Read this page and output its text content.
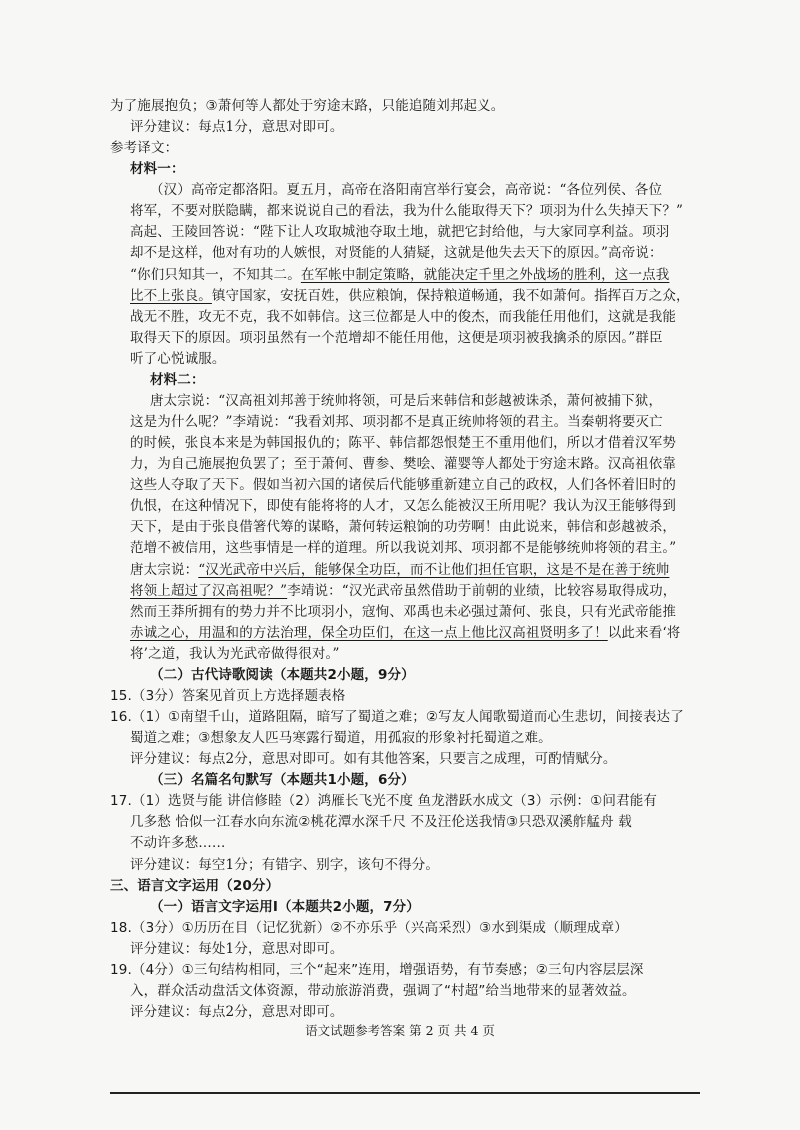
为了施展抱负；③萧何等人都处于穷途末路，只能追随刘邦起义。
评分建议：每点1分，意思对即可。
参考译文：
材料一：
（汉）高帝定都洛阳。夏五月，高帝在洛阳南宫举行宴会，高帝说：“各位列侯、各位
将军，不要对朕隐瞒，都来说说自己的看法，我为什么能取得天下？项羽为什么失掉天下？”
高起、王陵回答说：“陛下让人攻取城池夺取土地，就把它封给他，与大家同享利益。项羽
却不是这样，他对有功的人嫉恨，对贤能的人猜疑，这就是他失去天下的原因。”高帝说：
“你们只知其一，不知其二。在军帐中制定策略，就能决定千里之外战场的胜利，这一点我
比不上张良。镇守国家，安抚百姓，供应粮饷，保持粮道畅通，我不如萧何。指挥百万之众，
战无不胜，攻无不克，我不如韩信。这三位都是人中的俊杰，而我能任用他们，这就是我能
取得天下的原因。项羽虽然有一个范增却不能任用他，这便是项羽被我擒杀的原因。”群臣
听了心悦诚服。
材料二：
唐太宗说：“汉高祖刘邦善于统帅将领，可是后来韩信和彭越被诛杀，萧何被捕下狱，
这是为什么呢？”李靖说：“我看刘邦、项羽都不是真正统帅将领的君主。当秦朝将要灭亡
的时候，张良本来是为韩国报仇的；陈平、韩信都怨恨楚王不重用他们，所以才借着汉军势
力，为自己施展抱负罢了；至于萧何、曹参、樊哙、灌婴等人都处于穷途末路。汉高祖依靠
这些人夺取了天下。假如当初六国的诸侯后代能够重新建立自己的政权，人们各怀着旧时的
仇恨，在这种情况下，即使有能将将的人才，又怎么能被汉王所用呢？我认为汉王能够得到
天下，是由于张良借箸代筹的谋略，萧何转运粮饷的功劳啊！由此说来，韩信和彭越被杀，
范增不被信用，这些事情是一样的道理。所以我说刘邦、项羽都不是能够统帅将领的君主。”
唐太宗说：“汉光武帝中兴后，能够保全功臣，而不让他们担任官职，这是不是在善于统帅
将领上超过了汉高祖呢？”李靖说：“汉光武帝虽然借助于前朝的业绩，比较容易取得成功，
然而王莽所拥有的势力并不比项羽小，寇恂、邓禹也未必强过萧何、张良，只有光武帝能推
赤诚之心，用温和的方法治理，保全功臣们，在这一点上他比汉高祖贤明多了！以此来看‘将
将’之道，我认为光武帝做得很对。”
（二）古代诗歌阅读（本题共2小题，9分）
15.（3分）答案见首页上方选择题表格
16.（1）①南望千山，道路阻隔，暗写了蜀道之难；②写友人闻歌蜀道而心生悲切，间接表达了
蜀道之难；③想象友人匹马寒露行蜀道，用孤寂的形象衬托蜀道之难。
评分建议：每点2分，意思对即可。如有其他答案，只要言之成理，可酌情赋分。
（三）名篇名句默写（本题共1小题，6分）
17.（1）选贤与能 讲信修睦（2）鸿雁长飞光不度 鱼龙潜跃水成文（3）示例：①问君能有
几多愁 恰似一江春水向东流②桃花潭水深千尺 不及汪伦送我情③只恐双溪舴艋舟 载
不动许多愁……
评分建议：每空1分；有错字、别字，该句不得分。
三、语言文字运用（20分）
（一）语言文字运用Ⅰ（本题共2小题，7分）
18.（3分）①历历在目（记忆犹新）②不亦乐乎（兴高采烈）③水到渠成（顺理成章）
评分建议：每处1分，意思对即可。
19.（4分）①三句结构相同，三个“起来”连用，增强语势，有节奏感；②三句内容层层深
入，群众活动盘活文体资源，带动旅游消费，强调了“村超”给当地带来的显著效益。
评分建议：每点2分，意思对即可。
语文试题参考答案 第 2 页 共 4 页
